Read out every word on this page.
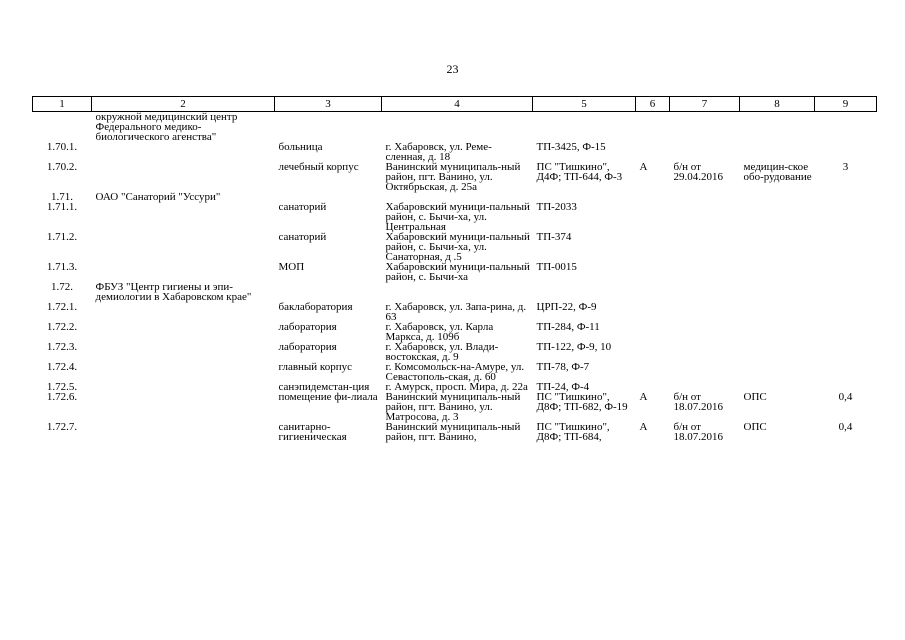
23
1	2	3	4	5	6	7	8	9
	окружной медицинский центр Федерального медико-биологического агенства"							
1.70.1.		больница	г. Хабаровск, ул. Реме-сленная, д. 18	ТП-3425, Ф-15				
1.70.2.		лечебный корпус	Ванинский муниципаль-ный район, пгт. Ванино, ул. Октябрьская, д. 25а	ПС "Тишкино", Д4Ф; ТП-644, Ф-3	А	б/н от 29.04.2016	медицин-ское обо-рудование	3
1.71.	ОАО "Санаторий "Уссури"							
1.71.1.		санаторий	Хабаровский муници-пальный район, с. Бычи-ха, ул. Центральная	ТП-2033				
1.71.2.		санаторий	Хабаровский муници-пальный район, с. Бычи-ха, ул. Санаторная, д .5	ТП-374				
1.71.3.		МОП	Хабаровский муници-пальный район, с. Бычи-ха	ТП-0015				
1.72.	ФБУЗ "Центр гигиены и эпи-демиологии в Хабаровском крае"							
1.72.1.		баклаборатория	г. Хабаровск, ул. Запа-рина, д. 63	ЦРП-22, Ф-9				
1.72.2.		лаборатория	г. Хабаровск, ул. Карла Маркса, д. 109б	ТП-284, Ф-11				
1.72.3.		лаборатория	г. Хабаровск, ул. Влади-востокская, д. 9	ТП-122, Ф-9, 10				
1.72.4.		главный корпус	г. Комсомольск-на-Амуре, ул. Севастополь-ская, д. 60	ТП-78, Ф-7				
1.72.5.		санэпидемстан-ция	г. Амурск, просп. Мира, д. 22а	ТП-24, Ф-4				
1.72.6.		помещение фи-лиала	Ванинский муниципаль-ный район, пгт. Ванино, ул. Матросова, д. 3	ПС "Тишкино", Д8Ф; ТП-682, Ф-19	А	б/н от 18.07.2016	ОПС	0,4
1.72.7.		санитарно-гигиеническая	Ванинский муниципаль-ный район, пгт. Ванино,	ПС "Тишкино", Д8Ф; ТП-684,	А	б/н от 18.07.2016	ОПС	0,4
